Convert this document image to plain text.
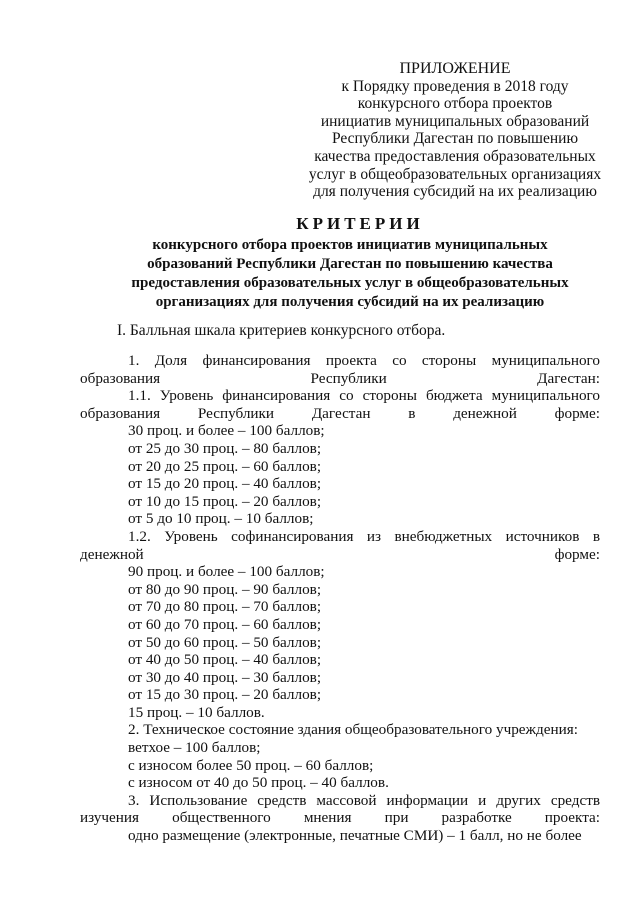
ПРИЛОЖЕНИЕ
к Порядку проведения в 2018 году
конкурсного отбора проектов
инициатив муниципальных образований
Республики Дагестан по повышению
качества предоставления образовательных
услуг в общеобразовательных организациях
для получения субсидий на их реализацию
КРИТЕРИИ
конкурсного отбора проектов инициатив муниципальных
образований Республики Дагестан по повышению качества
предоставления образовательных услуг в общеобразовательных
организациях для получения субсидий на их реализацию
I. Балльная шкала критериев конкурсного отбора.
1. Доля финансирования проекта со стороны муниципального
образования Республики Дагестан:
1.1. Уровень финансирования со стороны бюджета муниципального
образования Республики Дагестан в денежной форме:
30 проц. и более – 100 баллов;
от 25 до 30 проц. – 80 баллов;
от 20 до 25 проц. – 60 баллов;
от 15 до 20 проц. – 40 баллов;
от 10 до 15 проц. – 20 баллов;
от 5 до 10 проц. – 10 баллов;
1.2. Уровень софинансирования из внебюджетных источников в
денежной форме:
90 проц. и более – 100 баллов;
от 80 до 90 проц. – 90 баллов;
от 70 до 80 проц. – 70 баллов;
от 60 до 70 проц. – 60 баллов;
от 50 до 60 проц. – 50 баллов;
от 40 до 50 проц. – 40 баллов;
от 30 до 40 проц. – 30 баллов;
от 15 до 30 проц. – 20 баллов;
15 проц. – 10 баллов.
2. Техническое состояние здания общеобразовательного учреждения:
ветхое – 100 баллов;
с износом более 50 проц. – 60 баллов;
с износом от 40 до 50 проц. – 40 баллов.
3. Использование средств массовой информации и других средств
изучения общественного мнения при разработке проекта:
одно размещение (электронные, печатные СМИ) – 1 балл, но не более
